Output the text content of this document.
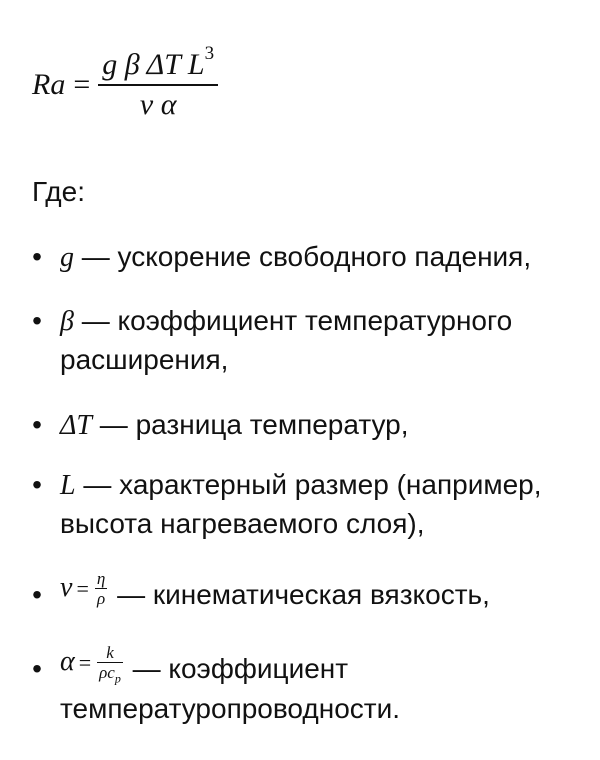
$Ra = \frac{g \beta \Delta T L^3}{\text{ν α}}$
Где:
• g — ускорение свободного падения,
• β — коэффициент температурного
расширения,
• ΔT — разница температур,
• L — характерный размер (например,
высота нагреваемого слоя),
• ν $^= \frac{\eta}{\rho}$ — кинематическая вязкость,
• α = k
$\rho c_p$ — коэффициент
температуропроводности.
